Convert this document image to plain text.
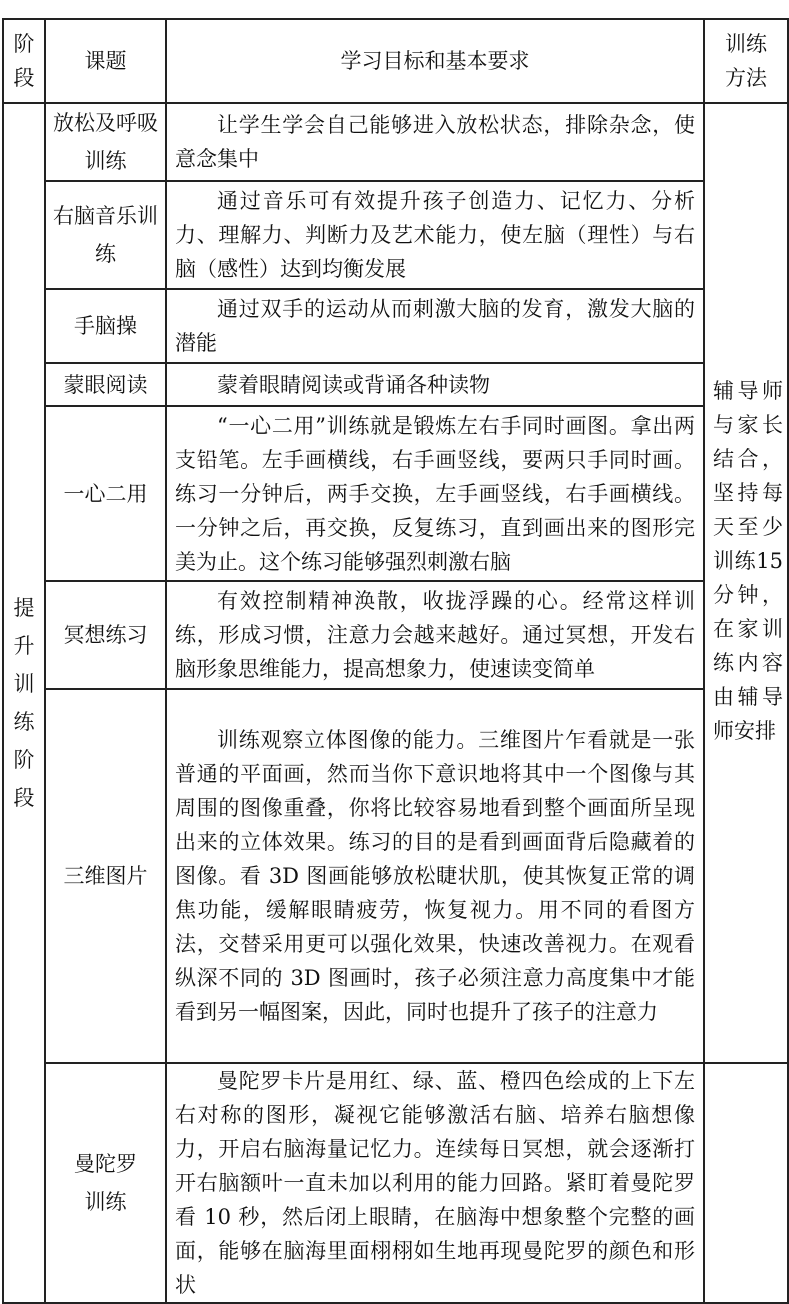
阶段	课题	学习目标和基本要求	训练方法
提升训练阶段	放松及呼吸训练	让学生学会自己能够进入放松状态，排除杂念，使意念集中	辅导师与家长结合，坚持每天至少训练15分钟，在家训练内容由辅导师安排

	右脑音乐训练	通过音乐可有效提升孩子创造力、记忆力、分析力、理解力、判断力及艺术能力，使左脑（理性）与右脑（感性）达到均衡发展	
	手脑操	通过双手的运动从而刺激大脑的发育，激发大脑的潜能	
	蒙眼阅读	蒙着眼睛阅读或背诵各种读物	
	一心二用	“一心二用”训练就是锻炼左右手同时画图。拿出两支铅笔。左手画横线，右手画竖线，要两只手同时画。练习一分钟后，两手交换，左手画竖线，右手画横线。一分钟之后，再交换，反复练习，直到画出来的图形完美为止。这个练习能够强烈刺激右脑	
	冥想练习	有效控制精神涣散，收拢浮躁的心。经常这样训练，形成习惯，注意力会越来越好。通过冥想，开发右脑形象思维能力，提高想象力，使速读变简单	
	三维图片	训练观察立体图像的能力。三维图片乍看就是一张普通的平面画，然而当你下意识地将其中一个图像与其周围的图像重叠，你将比较容易地看到整个画面所呈现出来的立体效果。练习的目的是看到画面背后隐藏着的图像。看 3D 图画能够放松睫状肌，使其恢复正常的调焦功能，缓解眼睛疲劳，恢复视力。用不同的看图方法，交替采用更可以强化效果，快速改善视力。在观看纵深不同的 3D 图画时，孩子必须注意力高度集中才能看到另一幅图案，因此，同时也提升了孩子的注意力	
	曼陀罗训练	曼陀罗卡片是用红、绿、蓝、橙四色绘成的上下左右对称的图形，凝视它能够激活右脑、培养右脑想像力，开启右脑海量记忆力。连续每日冥想，就会逐渐打开右脑额叶一直未加以利用的能力回路。紧盯着曼陀罗看 10 秒，然后闭上眼睛，在脑海中想象整个完整的画面，能够在脑海里面栩栩如生地再现曼陀罗的颜色和形状	
